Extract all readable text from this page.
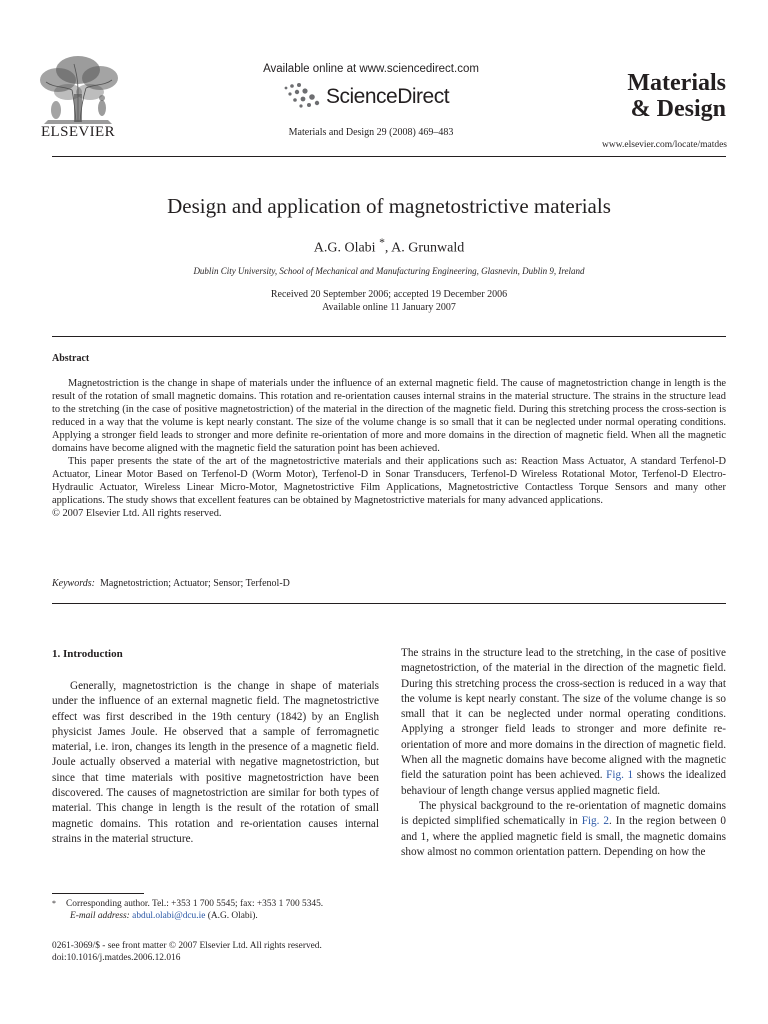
ELSEVIER
Available online at www.sciencedirect.com
ScienceDirect
Materials and Design 29 (2008) 469–483
Materials
& Design
www.elsevier.com/locate/matdes
Design and application of magnetostrictive materials
A.G. Olabi *, A. Grunwald
Dublin City University, School of Mechanical and Manufacturing Engineering, Glasnevin, Dublin 9, Ireland
Received 20 September 2006; accepted 19 December 2006
Available online 11 January 2007
Abstract

Magnetostriction is the change in shape of materials under the influence of an external magnetic field. The cause of magnetostriction change in length is the result of the rotation of small magnetic domains. This rotation and re-orientation causes internal strains in the material structure. The strains in the structure lead to the stretching (in the case of positive magnetostriction) of the material in the direction of the magnetic field. During this stretching process the cross-section is reduced in a way that the volume is kept nearly constant. The size of the volume change is so small that it can be neglected under normal operating conditions. Applying a stronger field leads to stronger and more definite re-orientation of more and more domains in the direction of magnetic field. When all the magnetic domains have become aligned with the magnetic field the saturation point has been achieved.

This paper presents the state of the art of the magnetostrictive materials and their applications such as: Reaction Mass Actuator, A standard Terfenol-D Actuator, Linear Motor Based on Terfenol-D (Worm Motor), Terfenol-D in Sonar Transducers, Terfenol-D Wireless Rotational Motor, Terfenol-D Electro-Hydraulic Actuator, Wireless Linear Micro-Motor, Magnetostrictive Film Applications, Magnetostrictive Contactless Torque Sensors and many other applications. The study shows that excellent features can be obtained by Magnetostrictive materials for many advanced applications.

© 2007 Elsevier Ltd. All rights reserved.

Keywords: Magnetostriction; Actuator; Sensor; Terfenol-D
1. Introduction

Generally, magnetostriction is the change in shape of materials under the influence of an external magnetic field. The magnetostrictive effect was first described in the 19th century (1842) by an English physicist James Joule. He observed that a sample of ferromagnetic material, i.e. iron, changes its length in the presence of a magnetic field. Joule actually observed a material with negative magnetostriction, but since that time materials with positive magnetostriction have been discovered. The causes of magnetostriction are similar for both types of material. This change in length is the result of the rotation of small magnetic domains. This rotation and re-orientation causes internal strains in the material structure.

The strains in the structure lead to the stretching, in the case of positive magnetostriction, of the material in the direction of the magnetic field. During this stretching process the cross-section is reduced in a way that the volume is kept nearly constant. The size of the volume change is so small that it can be neglected under normal operating conditions. Applying a stronger field leads to stronger and more definite re-orientation of more and more domains in the direction of magnetic field. When all the magnetic domains have become aligned with the magnetic field the saturation point has been achieved. Fig. 1 shows the idealized behaviour of length change versus applied magnetic field.

The physical background to the re-orientation of magnetic domains is depicted simplified schematically in Fig. 2. In the region between 0 and 1, where the applied magnetic field is small, the magnetic domains show almost no common orientation pattern. Depending on how the

* Corresponding author. Tel.: +353 1 700 5545; fax: +353 1 700 5345.
E-mail address: abdul.olabi@dcu.ie (A.G. Olabi).
0261-3069/$ - see front matter © 2007 Elsevier Ltd. All rights reserved.
doi:10.1016/j.matdes.2006.12.016
